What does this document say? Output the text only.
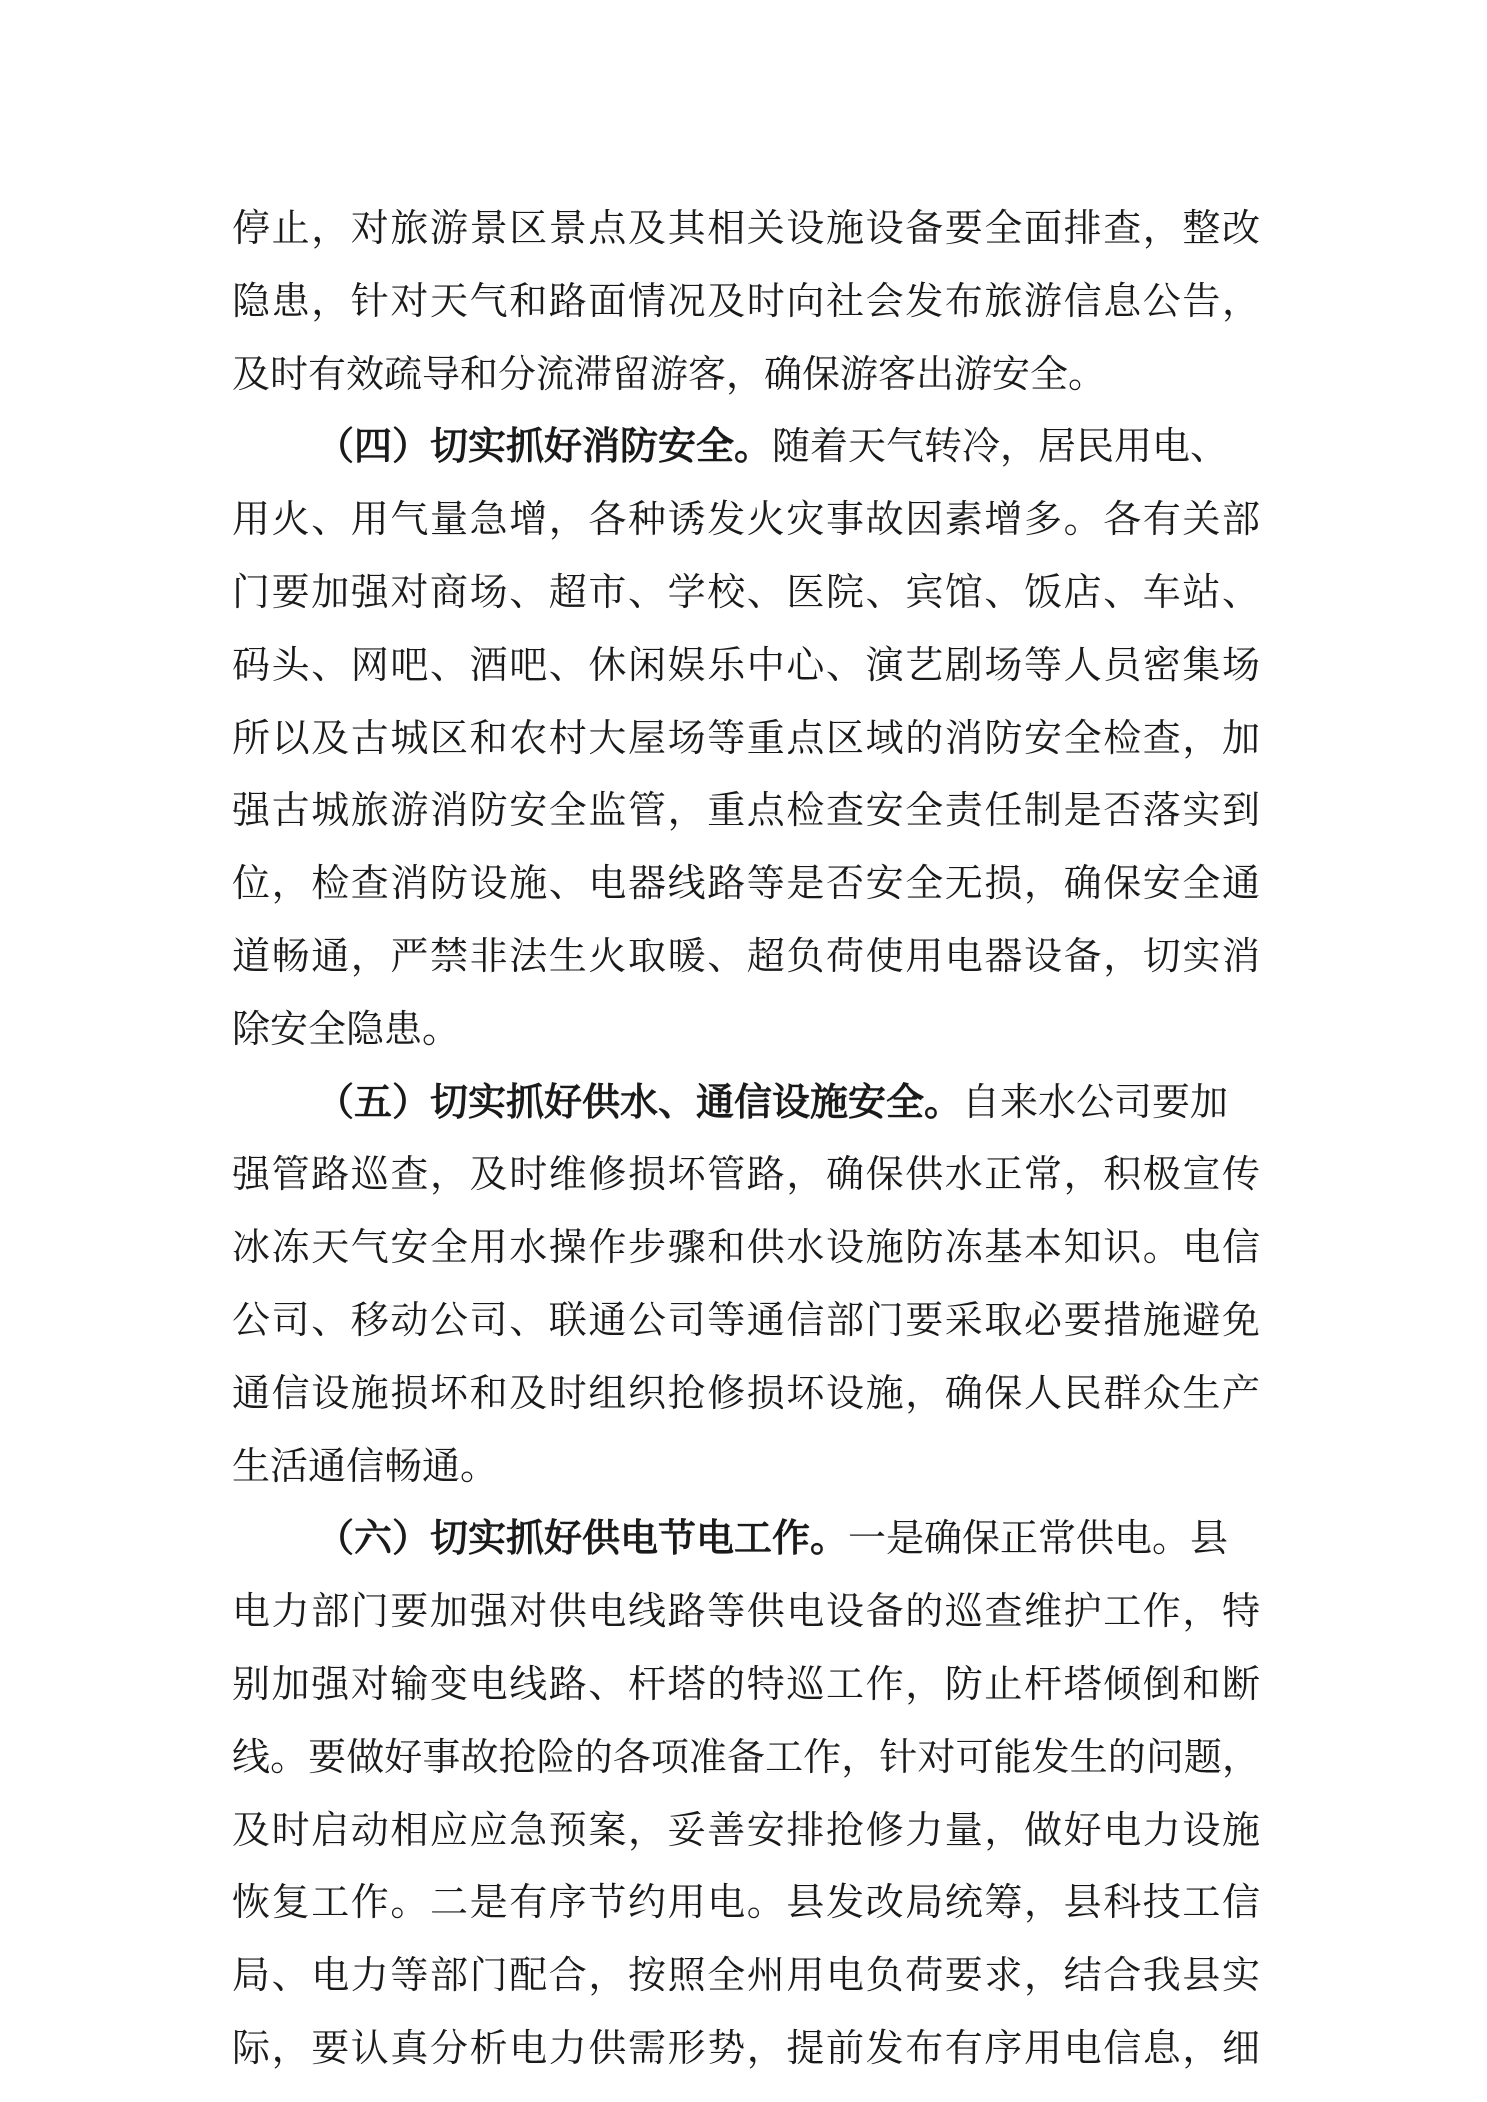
停止，对旅游景区景点及其相关设施设备要全面排查，整改
隐患，针对天气和路面情况及时向社会发布旅游信息公告，
及时有效疏导和分流滞留游客，确保游客出游安全。
（四）切实抓好消防安全。随着天气转冷，居民用电、
用火、用气量急增，各种诱发火灾事故因素增多。各有关部
门要加强对商场、超市、学校、医院、宾馆、饭店、车站、
码头、网吧、酒吧、休闲娱乐中心、演艺剧场等人员密集场
所以及古城区和农村大屋场等重点区域的消防安全检查，加
强古城旅游消防安全监管，重点检查安全责任制是否落实到
位，检查消防设施、电器线路等是否安全无损，确保安全通
道畅通，严禁非法生火取暖、超负荷使用电器设备，切实消
除安全隐患。
（五）切实抓好供水、通信设施安全。自来水公司要加
强管路巡查，及时维修损坏管路，确保供水正常，积极宣传
冰冻天气安全用水操作步骤和供水设施防冻基本知识。电信
公司、移动公司、联通公司等通信部门要采取必要措施避免
通信设施损坏和及时组织抢修损坏设施，确保人民群众生产
生活通信畅通。
（六）切实抓好供电节电工作。一是确保正常供电。县
电力部门要加强对供电线路等供电设备的巡查维护工作，特
别加强对输变电线路、杆塔的特巡工作，防止杆塔倾倒和断
线。要做好事故抢险的各项准备工作，针对可能发生的问题，
及时启动相应应急预案，妥善安排抢修力量，做好电力设施
恢复工作。二是有序节约用电。县发改局统筹，县科技工信
局、电力等部门配合，按照全州用电负荷要求，结合我县实
际，要认真分析电力供需形势，提前发布有序用电信息，细
